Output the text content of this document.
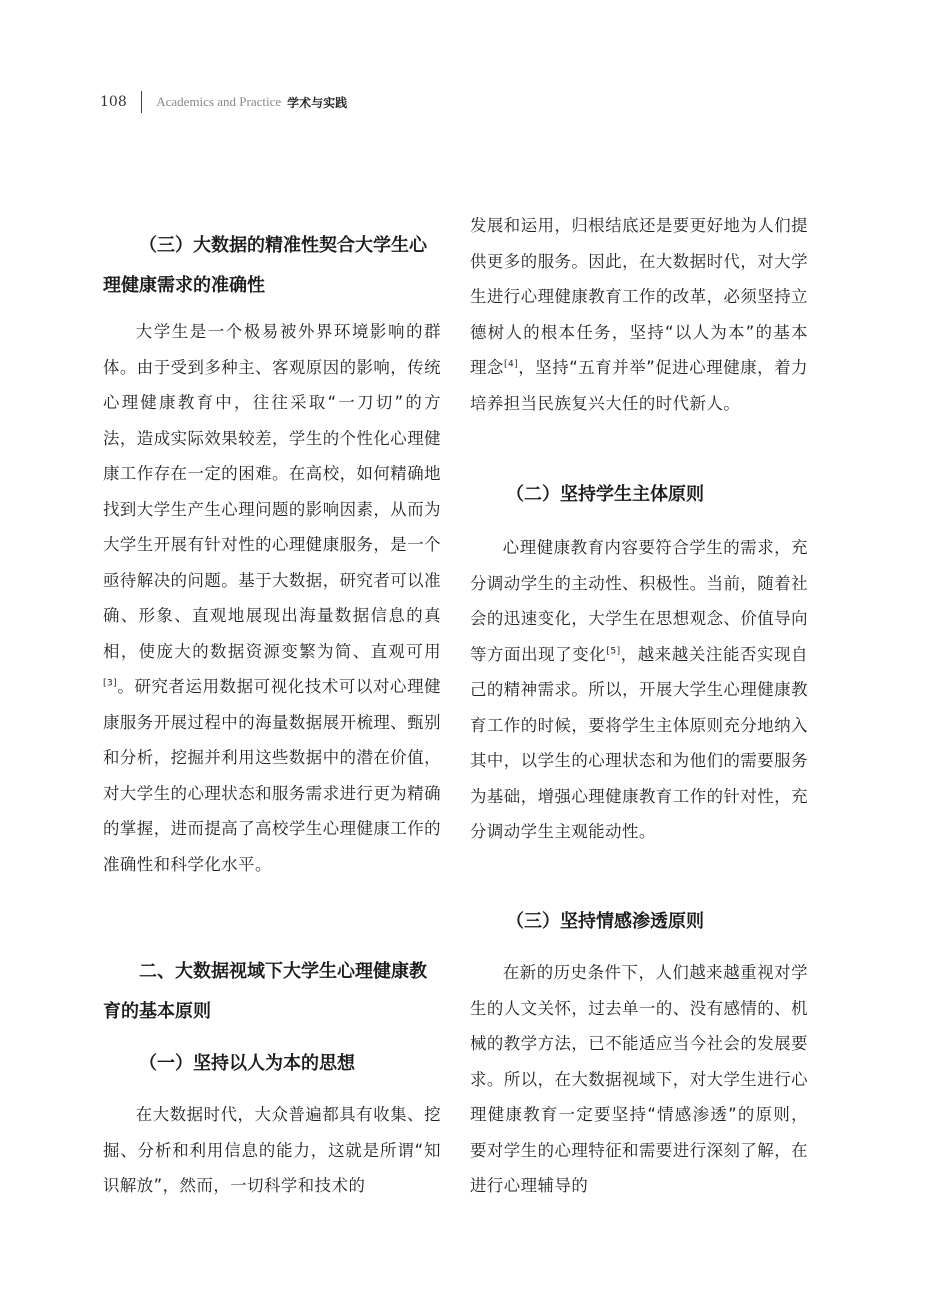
108 Academics and Practice 学术与实践
（三）大数据的精准性契合大学生心理健康需求的准确性
大学生是一个极易被外界环境影响的群体。由于受到多种主、客观原因的影响，传统心理健康教育中，往往采取“一刀切”的方法，造成实际效果较差，学生的个性化心理健康工作存在一定的困难。在高校，如何精确地找到大学生产生心理问题的影响因素，从而为大学生开展有针对性的心理健康服务，是一个亟待解决的问题。基于大数据，研究者可以准确、形象、直观地展现出海量数据信息的真相，使庞大的数据资源变繁为简、直观可用[3]。研究者运用数据可视化技术可以对心理健康服务开展过程中的海量数据展开梳理、甄别和分析，挖掘并利用这些数据中的潜在价值，对大学生的心理状态和服务需求进行更为精确的掌握，进而提高了高校学生心理健康工作的准确性和科学化水平。
二、大数据视域下大学生心理健康教育的基本原则
（一）坚持以人为本的思想
在大数据时代，大众普遍都具有收集、挖掘、分析和利用信息的能力，这就是所谓“知识解放”，然而，一切科学和技术的
发展和运用，归根结底还是要更好地为人们提供更多的服务。因此，在大数据时代，对大学生进行心理健康教育工作的改革，必须坚持立德树人的根本任务，坚持“以人为本”的基本理念[4]，坚持“五育并举”促进心理健康，着力培养担当民族复兴大任的时代新人。
（二）坚持学生主体原则
心理健康教育内容要符合学生的需求，充分调动学生的主动性、积极性。当前，随着社会的迅速变化，大学生在思想观念、价值导向等方面出现了变化[5]，越来越关注能否实现自己的精神需求。所以，开展大学生心理健康教育工作的时候，要将学生主体原则充分地纳入其中，以学生的心理状态和为他们的需要服务为基础，增强心理健康教育工作的针对性，充分调动学生主观能动性。
（三）坚持情感渗透原则
在新的历史条件下，人们越来越重视对学生的人文关怀，过去单一的、没有感情的、机械的教学方法，已不能适应当今社会的发展要求。所以，在大数据视域下，对大学生进行心理健康教育一定要坚持“情感渗透”的原则，要对学生的心理特征和需要进行深刻了解，在进行心理辅导的
